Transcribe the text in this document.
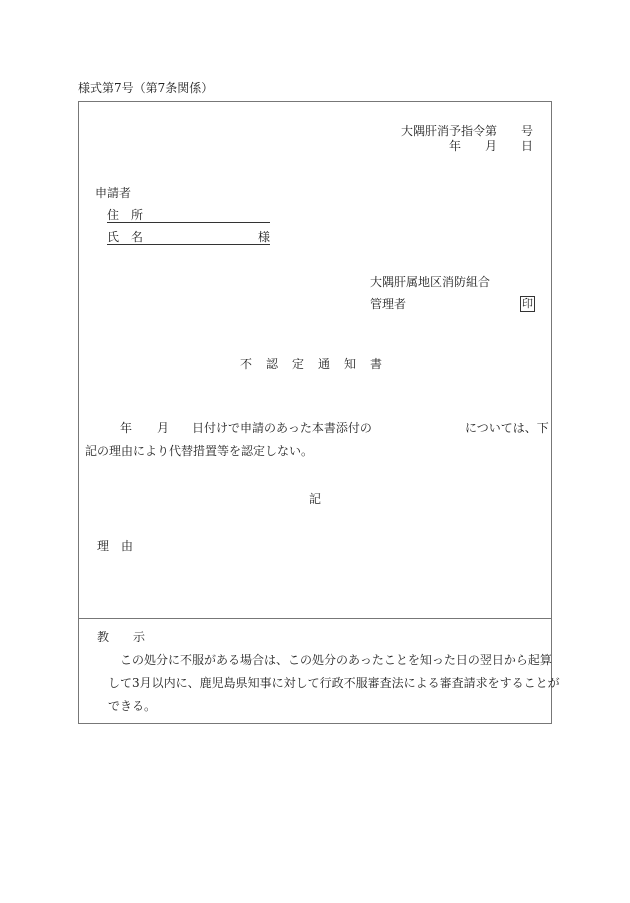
様式第7号（第7条関係）
大隅肝消予指令第　　号
年　　月　　日
申請者
住　所
氏　名	様
大隅肝属地区消防組合
管理者	印
不　認　定　通　知　書
年 月 日付けで申請のあった本書添付の	については、下
記の理由により代替措置等を認定しない。
記
理　由
教　　示
この処分に不服がある場合は、この処分のあったことを知った日の翌日から起算
して3月以内に、鹿児島県知事に対して行政不服審査法による審査請求をすることが
できる。
